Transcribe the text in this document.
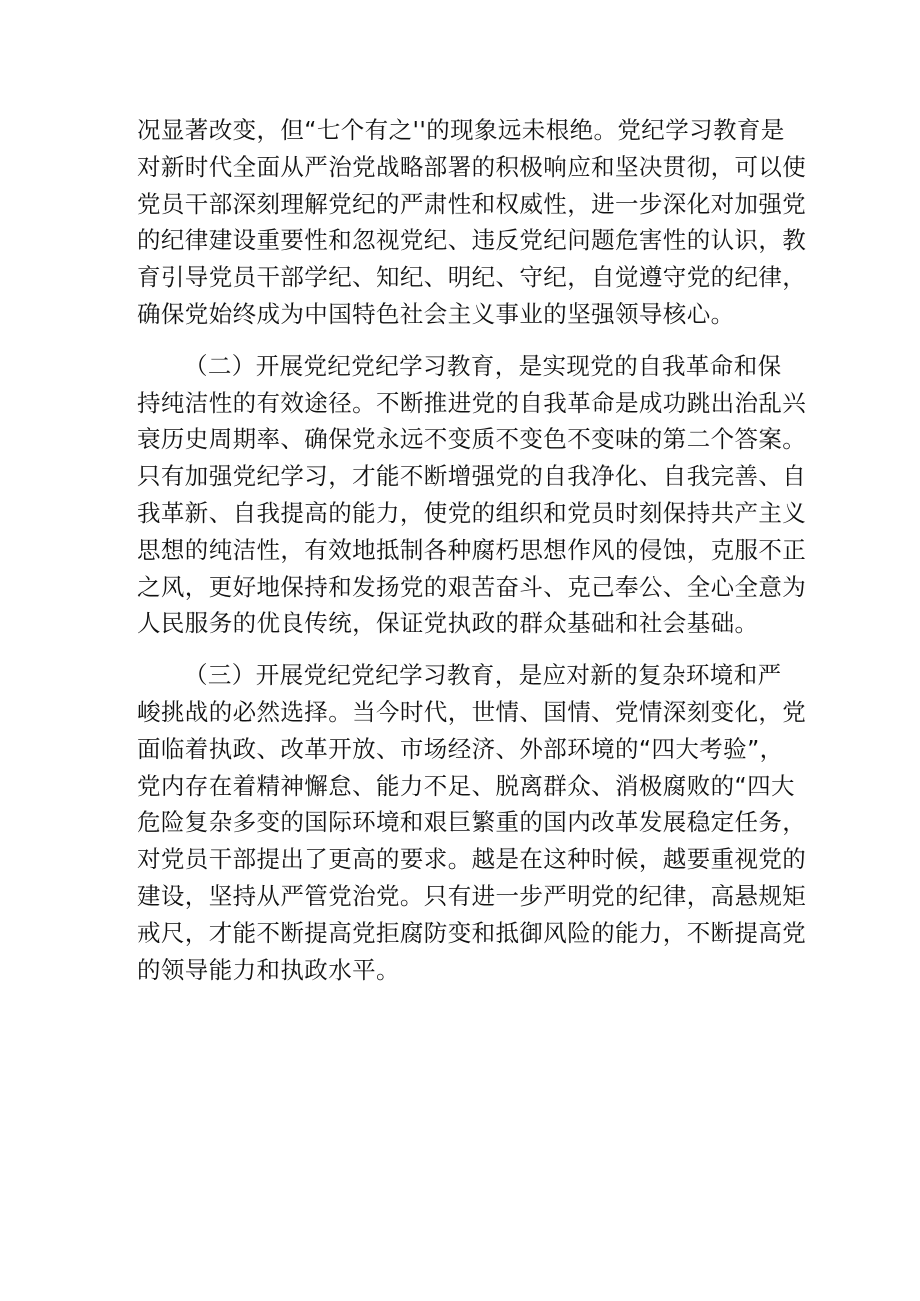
况显著改变，但“七个有之''的现象远未根绝。党纪学习教育是
对新时代全面从严治党战略部署的积极响应和坚决贯彻，可以使
党员干部深刻理解党纪的严肃性和权威性，进一步深化对加强党
的纪律建设重要性和忽视党纪、违反党纪问题危害性的认识，教
育引导党员干部学纪、知纪、明纪、守纪，自觉遵守党的纪律，
确保党始终成为中国特色社会主义事业的坚强领导核心。
（二）开展党纪党纪学习教育，是实现党的自我革命和保
持纯洁性的有效途径。不断推进党的自我革命是成功跳出治乱兴
衰历史周期率、确保党永远不变质不变色不变味的第二个答案。
只有加强党纪学习，才能不断增强党的自我净化、自我完善、自
我革新、自我提高的能力，使党的组织和党员时刻保持共产主义
思想的纯洁性，有效地抵制各种腐朽思想作风的侵蚀，克服不正
之风，更好地保持和发扬党的艰苦奋斗、克己奉公、全心全意为
人民服务的优良传统，保证党执政的群众基础和社会基础。
（三）开展党纪党纪学习教育，是应对新的复杂环境和严
峻挑战的必然选择。当今时代，世情、国情、党情深刻变化，党
面临着执政、改革开放、市场经济、外部环境的“四大考验”，
党内存在着精神懈怠、能力不足、脱离群众、消极腐败的“四大
危险复杂多变的国际环境和艰巨繁重的国内改革发展稳定任务，
对党员干部提出了更高的要求。越是在这种时候，越要重视党的
建设，坚持从严管党治党。只有进一步严明党的纪律，高悬规矩
戒尺，才能不断提高党拒腐防变和抵御风险的能力，不断提高党
的领导能力和执政水平。
